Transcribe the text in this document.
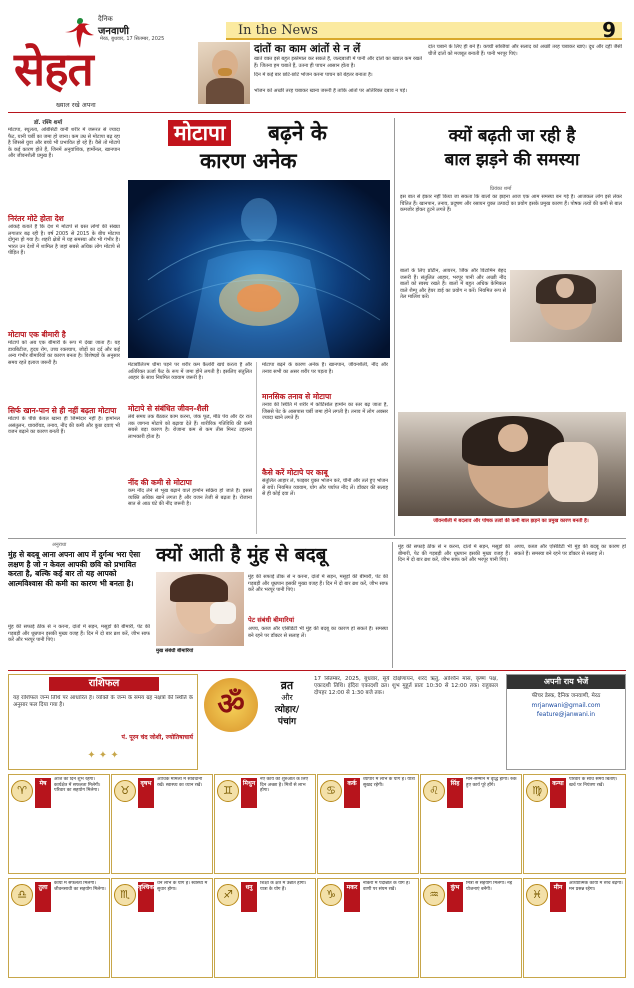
दैनिक
जनवाणी
मेरठ, बुधवार, 17 सितम्बर, 2025
सेहत
ख्याल रखे अपना
In the News	9
दांतों का काम आंतों से न लें
खाते वक्त इसे बहुत इस्तेमाल कर सकते हैं, जल्दबाजी में पानी और दांतों का ख्याल कम रखते हैं। जितना हम चबाते हैं, उतना ही पाचन आसान होता है।
दिन में कई बार छोटे-छोटे भोजन करना पाचन को बेहतर बनाता है।
भोजन को अच्छी तरह चबाकर खाना जरूरी है ताकि आंतों पर अतिरिक्त दबाव न पड़े।
दांत चबाने के लिए ही बने हैं। कच्ची सब्जियां और सलाद को अच्छी तरह चबाकर खाएं। दूध और दही जैसी चीजें दांतों को मजबूत बनाती हैं। पानी भरपूर पिएं।
डॉ. रश्मि शर्मा
मोटापा, स्थूलता, ओबेसिटी यानी शरीर में जरूरत से ज्यादा फैट, यानी चर्बी का जमा हो जाना। कम उम्र से मोटापा बढ़ रहा है जिससे युवा और बच्चे भी प्रभावित हो रहे हैं। वैसे तो मोटापे के कई कारण होते हैं, जिनमें अनुवांशिक, हार्मोनल, खानपान और जीवनशैली प्रमुख हैं।
निरंतर मोटे होता देश
आंकड़े बताते हैं कि देश में मोटापे से ग्रस्त लोगों की संख्या लगातार बढ़ रही है। वर्ष 2005 से 2015 के बीच मोटापा दोगुना हो गया है। शहरी क्षेत्रों में यह समस्या और भी गंभीर है। भारत उन देशों में शामिल है जहां सबसे अधिक लोग मोटापे से पीड़ित हैं।
मोटापा एक बीमारी है
मोटापे को अब एक बीमारी के रूप में देखा जाता है। यह डायबिटीज, हृदय रोग, उच्च रक्तचाप, जोड़ों का दर्द और कई अन्य गंभीर बीमारियों का कारण बनता है। विशेषज्ञों के अनुसार समय रहते इलाज जरूरी है।
सिर्फ खान-पान से ही नहीं बढ़ता मोटापा
मोटापे के पीछे केवल खाना ही जिम्मेदार नहीं है। हार्मोनल असंतुलन, थायरॉयड, तनाव, नींद की कमी और कुछ दवाएं भी वजन बढ़ाने का कारण बनती हैं।
मोटापा बढ़ने के
कारण अनेक
मेटाबॉलिज्म धीमा पड़ने पर शरीर कम कैलोरी खर्च करता है और अतिरिक्त ऊर्जा फैट के रूप में जमा होने लगती है। इसलिए संतुलित आहार के साथ नियमित व्यायाम जरूरी है।
मोटापे से संबंधित जीवन-शैली
लंबे समय तक बैठकर काम करना, जंक फूड, मीठे पेय और देर रात तक जागना मोटापे को बढ़ावा देते हैं। शारीरिक गतिविधि की कमी सबसे बड़ा कारण है। रोजाना कम से कम तीस मिनट टहलना लाभकारी होता है।
नींद की कमी से मोटापा
कम नींद लेने से भूख बढ़ाने वाले हार्मोन सक्रिय हो जाते हैं। इससे व्यक्ति अधिक खाने लगता है और वजन तेजी से बढ़ता है। रोजाना सात से आठ घंटे की नींद जरूरी है।
मोटापा बढ़ने के कारण अनेक हैं। खानपान, जीवनशैली, नींद और तनाव सभी का असर शरीर पर पड़ता है।
मानसिक तनाव से मोटापा
तनाव की स्थिति में शरीर में कोर्टिसोल हार्मोन का स्तर बढ़ जाता है, जिससे पेट के आसपास चर्बी जमा होने लगती है। तनाव में लोग अक्सर ज्यादा खाने लगते हैं।
कैसे करें मोटापे पर काबू
संतुलित आहार लें, फाइबर युक्त भोजन करें, चीनी और तले हुए भोजन से बचें। नियमित व्यायाम, योग और पर्याप्त नींद लें। डॉक्टर की सलाह से ही कोई दवा लें।
क्यों बढ़ती जा रही है
बाल झड़ने की समस्या
प्रियंका शर्मा
इस बात से इंकार नहीं किया जा सकता कि बालों का झड़ना आज एक आम समस्या बन गई है। आजकल लोग इसे लेकर चिंतित हैं। खानपान, तनाव, प्रदूषण और रसायन युक्त उत्पादों का प्रयोग इसके प्रमुख कारण हैं। पोषक तत्वों की कमी से बाल कमजोर होकर टूटने लगते हैं।
बालों के लिए प्रोटीन, आयरन, जिंक और विटामिन बेहद जरूरी हैं। संतुलित आहार, भरपूर पानी और अच्छी नींद बालों को स्वस्थ रखते हैं। बालों में बहुत अधिक केमिकल वाले शैम्पू और हेयर डाई का प्रयोग न करें। नियमित रूप से तेल मालिश करें।
जीवनशैली में बदलाव और पोषक तत्वों की कमी बाल झड़ने का प्रमुख कारण बनती है।
अनुराधा
मुंह से बदबू आना अपना आप में दुर्गन्ध भरा ऐसा लक्षण है जो न केवल आपकी छवि को प्रभावित करता है, बल्कि कई बार तो यह आपको आत्मविश्वास की कमी का कारण भी बनता है।
क्यों आती है मुंह से बदबू
मुख संबंधी बीमारियां
मुंह की सफाई ठीक से न करना, दांतों में सड़न, मसूड़ों की बीमारी, पेट की गड़बड़ी और धूम्रपान इसकी मुख्य वजह हैं। दिन में दो बार ब्रश करें, जीभ साफ करें और भरपूर पानी पिएं।
मुंह की सफाई ठीक से न करना, दांतों में सड़न, मसूड़ों की बीमारी, पेट की गड़बड़ी और धूम्रपान इसकी मुख्य वजह हैं। दिन में दो बार ब्रश करें, जीभ साफ करें और भरपूर पानी पिएं।
पेट संबंधी बीमारियां
अपच, कब्ज और एसिडिटी भी मुंह की बदबू का कारण हो सकते हैं। समस्या बने रहने पर डॉक्टर से सलाह लें।
मुंह की सफाई ठीक से न करना, दांतों में सड़न, मसूड़ों की बीमारी, पेट की गड़बड़ी और धूम्रपान इसकी मुख्य वजह हैं। दिन में दो बार ब्रश करें, जीभ साफ करें और भरपूर पानी पिएं।
अपच, कब्ज और एसिडिटी भी मुंह की बदबू का कारण हो सकते हैं। समस्या बने रहने पर डॉक्टर से सलाह लें।
राशिफल
यह राशिफल जन्म तिथि पर आधारित है। व्यक्ति के जन्म के समय ग्रह नक्षत्रों की स्थिति के अनुसार फल दिया गया है।
पं. पूरन चंद जोशी, ज्योतिषाचार्य
✦ ✦ ✦
ॐ
व्रत
और
त्योहार/
पंचांग
17 सितम्बर, 2025, बुधवार, सूर्य दक्षिणायन, शरद ऋतु, आश्विन मास, कृष्ण पक्ष, एकादशी तिथि। इंदिरा एकादशी व्रत। शुभ मुहूर्त प्रातः 10:30 से 12:00 तक। राहुकाल दोपहर 12:00 से 1:30 बजे तक।
अपनी राय भेजें
फीचर डेस्क, दैनिक जनवाणी, मेरठ
mrjanwani@gmail.com
feature@janwani.in
♈
मेष
आज का दिन शुभ रहेगा। कार्यक्षेत्र में सफलता मिलेगी। परिवार का सहयोग मिलेगा।	♉
वृषभ
आर्थिक मामलों में सावधानी रखें। स्वास्थ्य का ध्यान रखें।	♊
मिथुन
नए कार्य की शुरुआत के लिए दिन अच्छा है। मित्रों से लाभ होगा।	♋
कर्क
व्यापार में लाभ के योग हैं। यात्रा सुखद रहेगी।	♌
सिंह
मान-सम्मान में वृद्धि होगी। रुके हुए कार्य पूरे होंगे।	♍
कन्या
परिवार के साथ समय बिताएं। खर्च पर नियंत्रण रखें।
♎
तुला
कार्यों में सफलता मिलेगी। जीवनसाथी का सहयोग मिलेगा।	♏
वृश्चिक
धन लाभ के योग हैं। स्वास्थ्य में सुधार होगा।	♐
धनु
शिक्षा के क्षेत्र में उन्नति होगी। यात्रा के योग हैं।	♑
मकर
नौकरी में पदोन्नति के योग हैं। वाणी पर संयम रखें।	♒
कुंभ
मित्रों से सहयोग मिलेगा। नई योजनाएं बनेंगी।	♓
मीन
आध्यात्मिक कार्यों में रुचि बढ़ेगी। मन प्रसन्न रहेगा।
